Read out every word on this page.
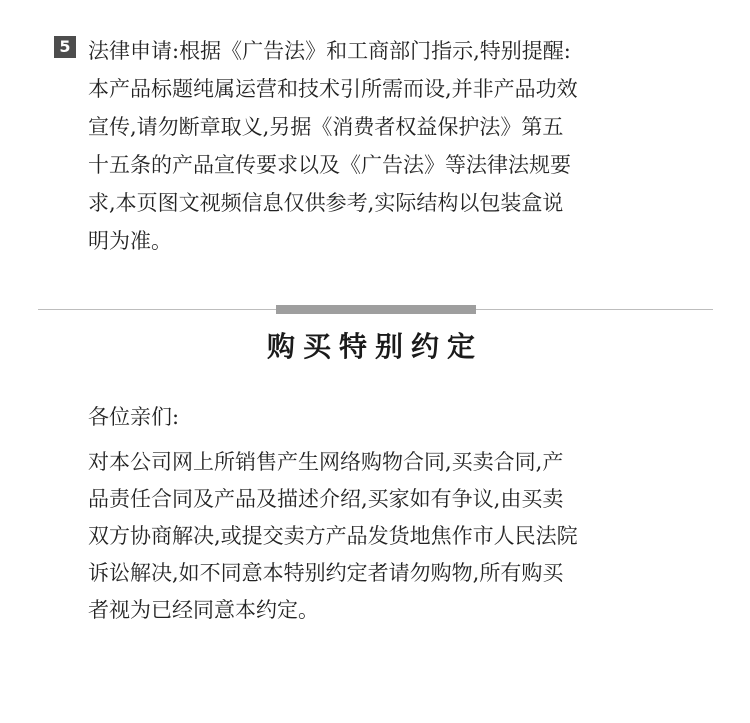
5 法律申请:根据《广告法》和工商部门指示,特别提醒:
本产品标题纯属运营和技术引所需而设,并非产品功效
宣传,请勿断章取义,另据《消费者权益保护法》第五
十五条的产品宣传要求以及《广告法》等法律法规要
求,本页图文视频信息仅供参考,实际结构以包装盒说
明为准。

购买特别约定

各位亲们:

对本公司网上所销售产生网络购物合同,买卖合同,产
品责任合同及产品及描述介绍,买家如有争议,由买卖
双方协商解决,或提交卖方产品发货地焦作市人民法院
诉讼解决,如不同意本特别约定者请勿购物,所有购买
者视为已经同意本约定。
